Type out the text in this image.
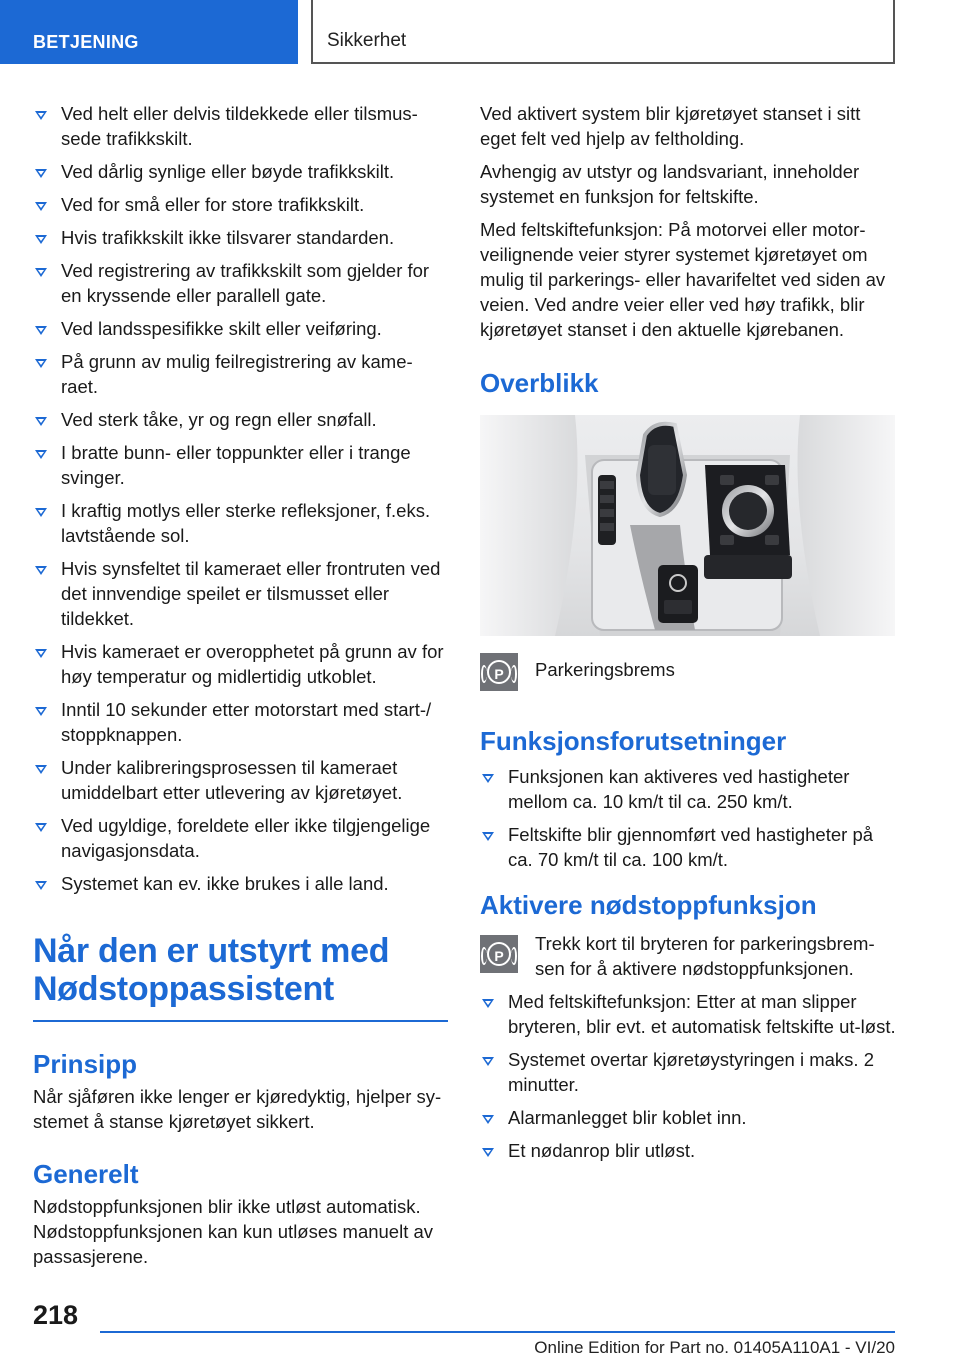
BETJENING	Sikkerhet
Ved helt eller delvis tildekkede eller tilsmus-sede trafikkskilt.
Ved dårlig synlige eller bøyde trafikkskilt.
Ved for små eller for store trafikkskilt.
Hvis trafikkskilt ikke tilsvarer standarden.
Ved registrering av trafikkskilt som gjelder for en kryssende eller parallell gate.
Ved landsspesifikke skilt eller veiføring.
På grunn av mulig feilregistrering av kame-raet.
Ved sterk tåke, yr og regn eller snøfall.
I bratte bunn- eller toppunkter eller i trange svinger.
I kraftig motlys eller sterke refleksjoner, f.eks. lavtstående sol.
Hvis synsfeltet til kameraet eller frontruten ved det innvendige speilet er tilsmusset eller tildekket.
Hvis kameraet er overopphetet på grunn av for høy temperatur og midlertidig utkoblet.
Inntil 10 sekunder etter motorstart med start-/ stoppknappen.
Under kalibreringsprosessen til kameraet umiddelbart etter utlevering av kjøretøyet.
Ved ugyldige, foreldete eller ikke tilgjengelige navigasjonsdata.
Systemet kan ev. ikke brukes i alle land.
Når den er utstyrt med Nødstoppassistent
Prinsipp

Når sjåføren ikke lenger er kjøredyktig, hjelper sy-stemet å stanse kjøretøyet sikkert.

Generelt

Nødstoppfunksjonen blir ikke utløst automatisk. Nødstoppfunksjonen kan kun utløses manuelt av passasjerene.

Ved aktivert system blir kjøretøyet stanset i sitt eget felt ved hjelp av feltholding.

Avhengig av utstyr og landsvariant, inneholder systemet en funksjon for feltskifte.

Med feltskiftefunksjon: På motorvei eller motor-veilignende veier styrer systemet kjøretøyet om mulig til parkerings- eller havarifeltet ved siden av veien. Ved andre veier eller ved høy trafikk, blir kjøretøyet stanset i den aktuelle kjørebanen.

Overblikk
P	Parkeringsbrems
Funksjonsforutsetninger
Funksjonen kan aktiveres ved hastigheter mellom ca. 10 km/t til ca. 250 km/t.
Feltskifte blir gjennomført ved hastigheter på ca. 70 km/t til ca. 100 km/t.
Aktivere nødstoppfunksjon
P
Trekk kort til bryteren for parkeringsbrem-sen for å aktivere nødstoppfunksjonen.
Med feltskiftefunksjon: Etter at man slipper bryteren, blir evt. et automatisk feltskifte ut-løst.
Systemet overtar kjøretøystyringen i maks. 2 minutter.
Alarmanlegget blir koblet inn.
Et nødanrop blir utløst.
218
Online Edition for Part no. 01405A110A1 - VI/20
